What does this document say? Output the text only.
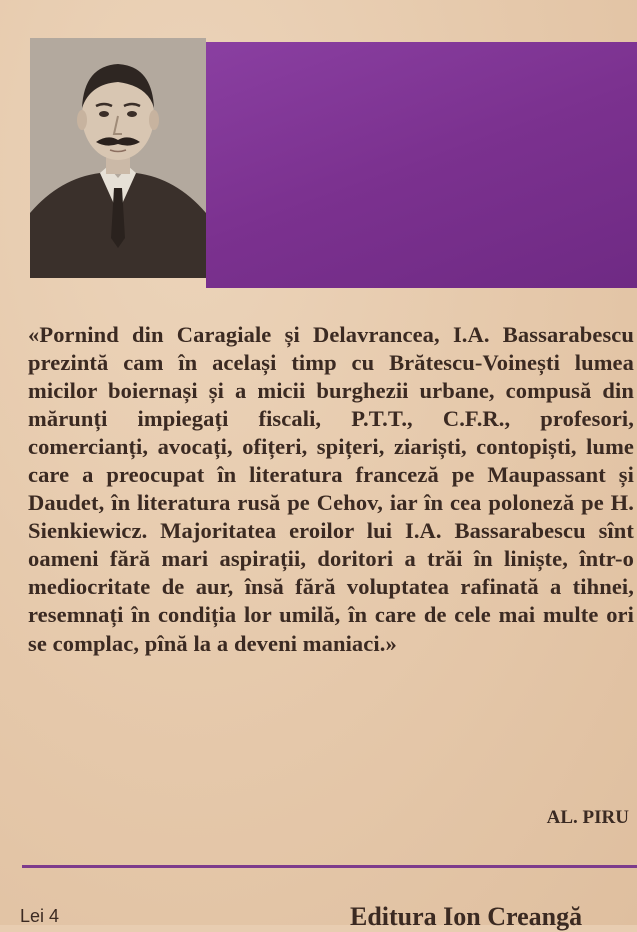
«Pornind din Caragiale și Delavrancea, I.A. Bassarabescu prezintă cam în același timp cu Brătescu-Voinești lumea micilor boiernași și a micii burghezii urbane, compusă din mărunți impiegați fiscali, P.T.T., C.F.R., profesori, comercianți, avocați, ofițeri, spițeri, ziariști, contopiști, lume care a preocupat în literatura franceză pe Maupassant și Daudet, în literatura rusă pe Cehov, iar în cea poloneză pe H. Sienkiewicz. Majoritatea eroilor lui I.A. Bassarabescu sînt oameni fără mari aspirații, doritori a trăi în liniște, într-o mediocritate de aur, însă fără voluptatea rafinată a tihnei, resemnați în condiția lor umilă, în care de cele mai multe ori se complac, pînă la a deveni maniaci.»

AL. PIRU
Lei 4	Editura Ion Creangă
